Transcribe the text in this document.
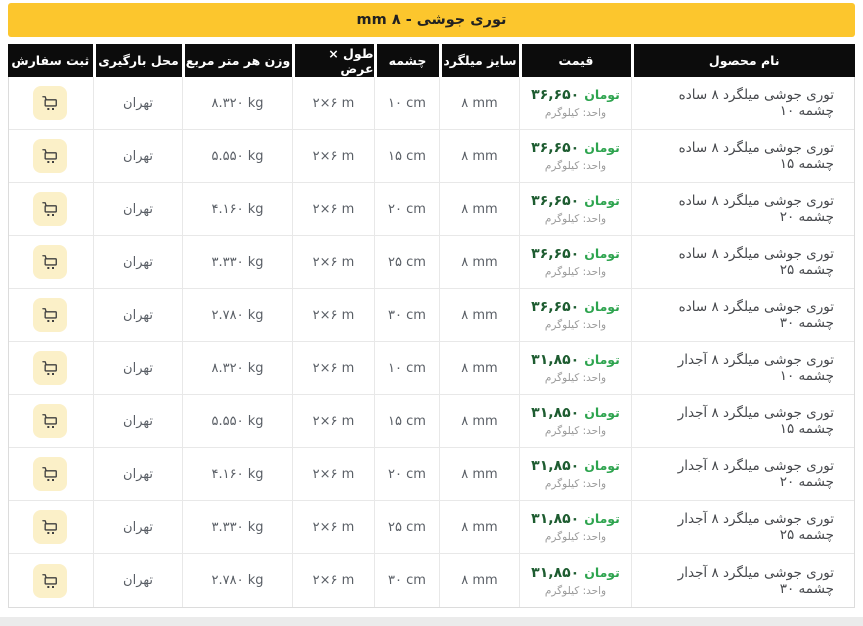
توری جوشی - ۸ mm
نام محصول
قیمت
سایز میلگرد
چشمه
طول × عرض
وزن هر متر مربع
محل بارگیری
ثبت سفارش
توری جوشی میلگرد ۸ ساده چشمه ۱۰
۳۶,۶۵۰ تومان
واحد: کیلوگرم
۸ mm
۱۰ cm
۲×۶ m
۸.۳۲۰ kg
تهران
توری جوشی میلگرد ۸ ساده چشمه ۱۵
۳۶,۶۵۰ تومان
واحد: کیلوگرم
۸ mm
۱۵ cm
۲×۶ m
۵.۵۵۰ kg
تهران
توری جوشی میلگرد ۸ ساده چشمه ۲۰
۳۶,۶۵۰ تومان
واحد: کیلوگرم
۸ mm
۲۰ cm
۲×۶ m
۴.۱۶۰ kg
تهران
توری جوشی میلگرد ۸ ساده چشمه ۲۵
۳۶,۶۵۰ تومان
واحد: کیلوگرم
۸ mm
۲۵ cm
۲×۶ m
۳.۳۳۰ kg
تهران
توری جوشی میلگرد ۸ ساده چشمه ۳۰
۳۶,۶۵۰ تومان
واحد: کیلوگرم
۸ mm
۳۰ cm
۲×۶ m
۲.۷۸۰ kg
تهران
توری جوشی میلگرد ۸ آجدار چشمه ۱۰
۳۱,۸۵۰ تومان
واحد: کیلوگرم
۸ mm
۱۰ cm
۲×۶ m
۸.۳۲۰ kg
تهران
توری جوشی میلگرد ۸ آجدار چشمه ۱۵
۳۱,۸۵۰ تومان
واحد: کیلوگرم
۸ mm
۱۵ cm
۲×۶ m
۵.۵۵۰ kg
تهران
توری جوشی میلگرد ۸ آجدار چشمه ۲۰
۳۱,۸۵۰ تومان
واحد: کیلوگرم
۸ mm
۲۰ cm
۲×۶ m
۴.۱۶۰ kg
تهران
توری جوشی میلگرد ۸ آجدار چشمه ۲۵
۳۱,۸۵۰ تومان
واحد: کیلوگرم
۸ mm
۲۵ cm
۲×۶ m
۳.۳۳۰ kg
تهران
توری جوشی میلگرد ۸ آجدار چشمه ۳۰
۳۱,۸۵۰ تومان
واحد: کیلوگرم
۸ mm
۳۰ cm
۲×۶ m
۲.۷۸۰ kg
تهران
